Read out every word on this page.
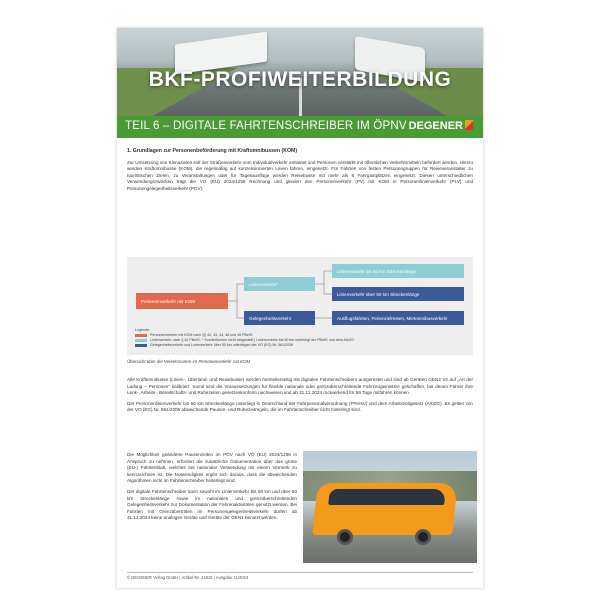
BKF-PROFIWEITERBILDUNG
TEIL 6 – DIGITALE FAHRTENSCHREIBER IM ÖPNV DEGENER
1. Grundlagen zur Personenbeförderung mit Kraftomnibussen (KOM)
Zur Umsetzung von Klimazielen soll der Straßenverkehr vom Individualverkehr entlastet und Personen verstärkt mit öffentlichen Verkehrsmitteln befördert werden. Hierzu werden Kraftomnibusse (KOM), die regelmäßig auf konzessionierten Linien fahren, eingesetzt. Für Fahrten von festen Personengruppen für Reiseveranstalter zu touristischen Zielen, zu Veranstaltungen oder für Tagesausflüge werden Reisebusse mit mehr als 8 Fahrgastplätzen eingesetzt. Diesen unterschiedlichen Verwendungszwecken trägt die VO (EU) 2024/1258 Rechnung und gliedert den Personenverkehr (PV) mit KOM in Personenlinienverkehr (PLV) und Personengelegenheitsverkehr (PGV).
Personenverkehr mit KOM
Linienverkehr*
Gelegenheitsverkehr
Linienverkehr bis 50 km Streckenlänge
Linienverkehr über 50 km Streckenlänge
Ausflugsfahrten, Ferienzielreisen, Mietomnibusverkehr
Legende:
Personenverkehr mit KOM nach §§ 42, 43, 44, 46 und 49 PBefG
Linienverkehr nach § 42 PBefG; * Sonderformen nicht dargestellt | Linienverkehr bis 50 km unterliegt der PBefG und dem ArbZG
Gelegenheitsverkehr und Linienverkehr über 50 km unterliegen der VO (EG) Nr. 561/2006
Übersicht über die Verkehrsarten im Personenverkehr mit KOM
Alle Kraftomnibusse (Linien-, Überland- und Reisebusse) werden herstellerseitig mit digitalen Fahrtenschreibern ausgerüstet und sind ab Geräten GEN2 V2 auf „Art der Ladung – Personen" kalibriert. Somit sind die Voraussetzungen für flexible nationale oder grenzüberschreitende Fahrzeugeinsätze geschaffen, bei denen Fahrer ihre Lenk-, Arbeits-, Bereitschafts- und Ruhezeiten gesetzeskonform nachweisen und ab 31.12.2024 rückwirkend für 56 Tage mitführen können.
Der Personenlinienverkehr bis 50 km Streckenlänge unterliegt in Deutschland der Fahrpersonalverordnung (FPersV) und dem Arbeitszeitgesetz (ArbZG). Es gelten von der VO (EG) Nr. 561/2006 abweichende Pausen- und Ruhezeitregeln, die im Fahrtenschreiber nicht hinterlegt sind.
Die Möglichkeit geänderte Pausenzeiten im PGV nach VO (EU) 2024/1258 in Anspruch zu nehmen, erfordert die zusätzliche Dokumentation über das grüne (EU-) Fahrtenblatt, welches bei nationaler Verwendung mit einem Vermerk zu kennzeichnen ist. Die Notwendigkeit ergibt sich daraus, dass die abweichenden Algorithmen nicht im Fahrtenschreiber hinterlegt sind.
Der digitale Fahrtenschreiber kann sowohl im Linienverkehr bis 50 km und über 50 km Streckenlänge sowie im nationalen und grenzüberschreitenden Gelegenheitsverkehr zur Dokumentation der Fahrenaktivitäten genutzt werden. Bei Fahrten mit Grenzübertritten im Personengelegenheitsverkehr dürfen ab 31.12.2024 keine analogen Geräte und Geräte der GEN1 benutzt werden.
© DEGENER Verlag GmbH | Artikel-Nr. 41815 | Ausgabe 11/2024
